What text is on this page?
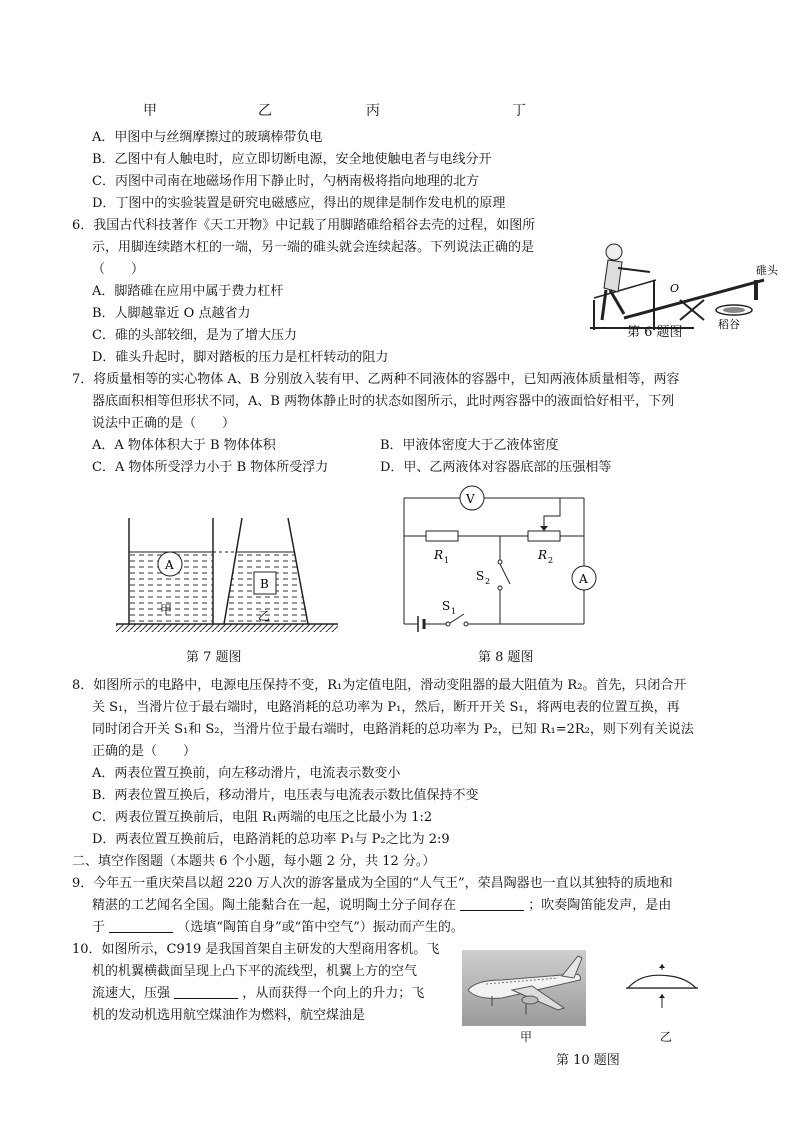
甲	乙	丙	丁
A．甲图中与丝绸摩擦过的玻璃棒带负电
B．乙图中有人触电时，应立即切断电源，安全地使触电者与电线分开
C．丙图中司南在地磁场作用下静止时，勺柄南极将指向地理的北方
D．丁图中的实验装置是研究电磁感应，得出的规律是制作发电机的原理
6．我国古代科技著作《天工开物》中记载了用脚踏碓给稻谷去壳的过程，如图所
示，用脚连续踏木杠的一端，另一端的碓头就会连续起落。下列说法正确的是
（　　）
A．脚踏碓在应用中属于费力杠杆
B．人脚越靠近 O 点越省力
C．碓的头部较细，是为了增大压力
D．碓头升起时，脚对踏板的压力是杠杆转动的阻力
O
碓头
稻谷
第 6 题图
7．将质量相等的实心物体 A、B 分别放入装有甲、乙两种不同液体的容器中，已知两液体质量相等，两容
器底面积相等但形状不同，A、B 两物体静止时的状态如图所示，此时两容器中的液面恰好相平，下列
说法中正确的是（　　）
A．A 物体体积大于 B 物体体积	B．甲液体密度大于乙液体密度
C．A 物体所受浮力小于 B 物体所受浮力	D．甲、乙两液体对容器底部的压强相等
A
甲
B
乙
第 7 题图
V
R 1	R 2
S 2	A
S 1
第 8 题图
8．如图所示的电路中，电源电压保持不变，R₁为定值电阻，滑动变阻器的最大阻值为 R₂。首先，只闭合开
关 S₁，当滑片位于最右端时，电路消耗的总功率为 P₁，然后，断开开关 S₁，将两电表的位置互换，再
同时闭合开关 S₁和 S₂，当滑片位于最右端时，电路消耗的总功率为 P₂，已知 R₁=2R₂，则下列有关说法
正确的是（　　）
A．两表位置互换前，向左移动滑片，电流表示数变小
B．两表位置互换后，移动滑片，电压表与电流表示数比值保持不变
C．两表位置互换前后，电阻 R₁两端的电压之比最小为 1:2
D．两表位置互换前后，电路消耗的总功率 P₁与 P₂之比为 2:9
二、填空作图题（本题共 6 个小题，每小题 2 分，共 12 分。）
9．今年五一重庆荣昌以超 220 万人次的游客量成为全国的“人气王”，荣昌陶器也一直以其独特的质地和
精湛的工艺闻名全国。陶土能黏合在一起，说明陶土分子间存在	；吹奏陶笛能发声，是由
于	（选填“陶笛自身”或“笛中空气”）振动而产生的。
10．如图所示，C919 是我国首架自主研发的大型商用客机。飞
机的机翼横截面呈现上凸下平的流线型，机翼上方的空气
流速大，压强	，从而获得一个向上的升力；飞
机的发动机选用航空煤油作为燃料，航空煤油是
甲	乙
第 10 题图
